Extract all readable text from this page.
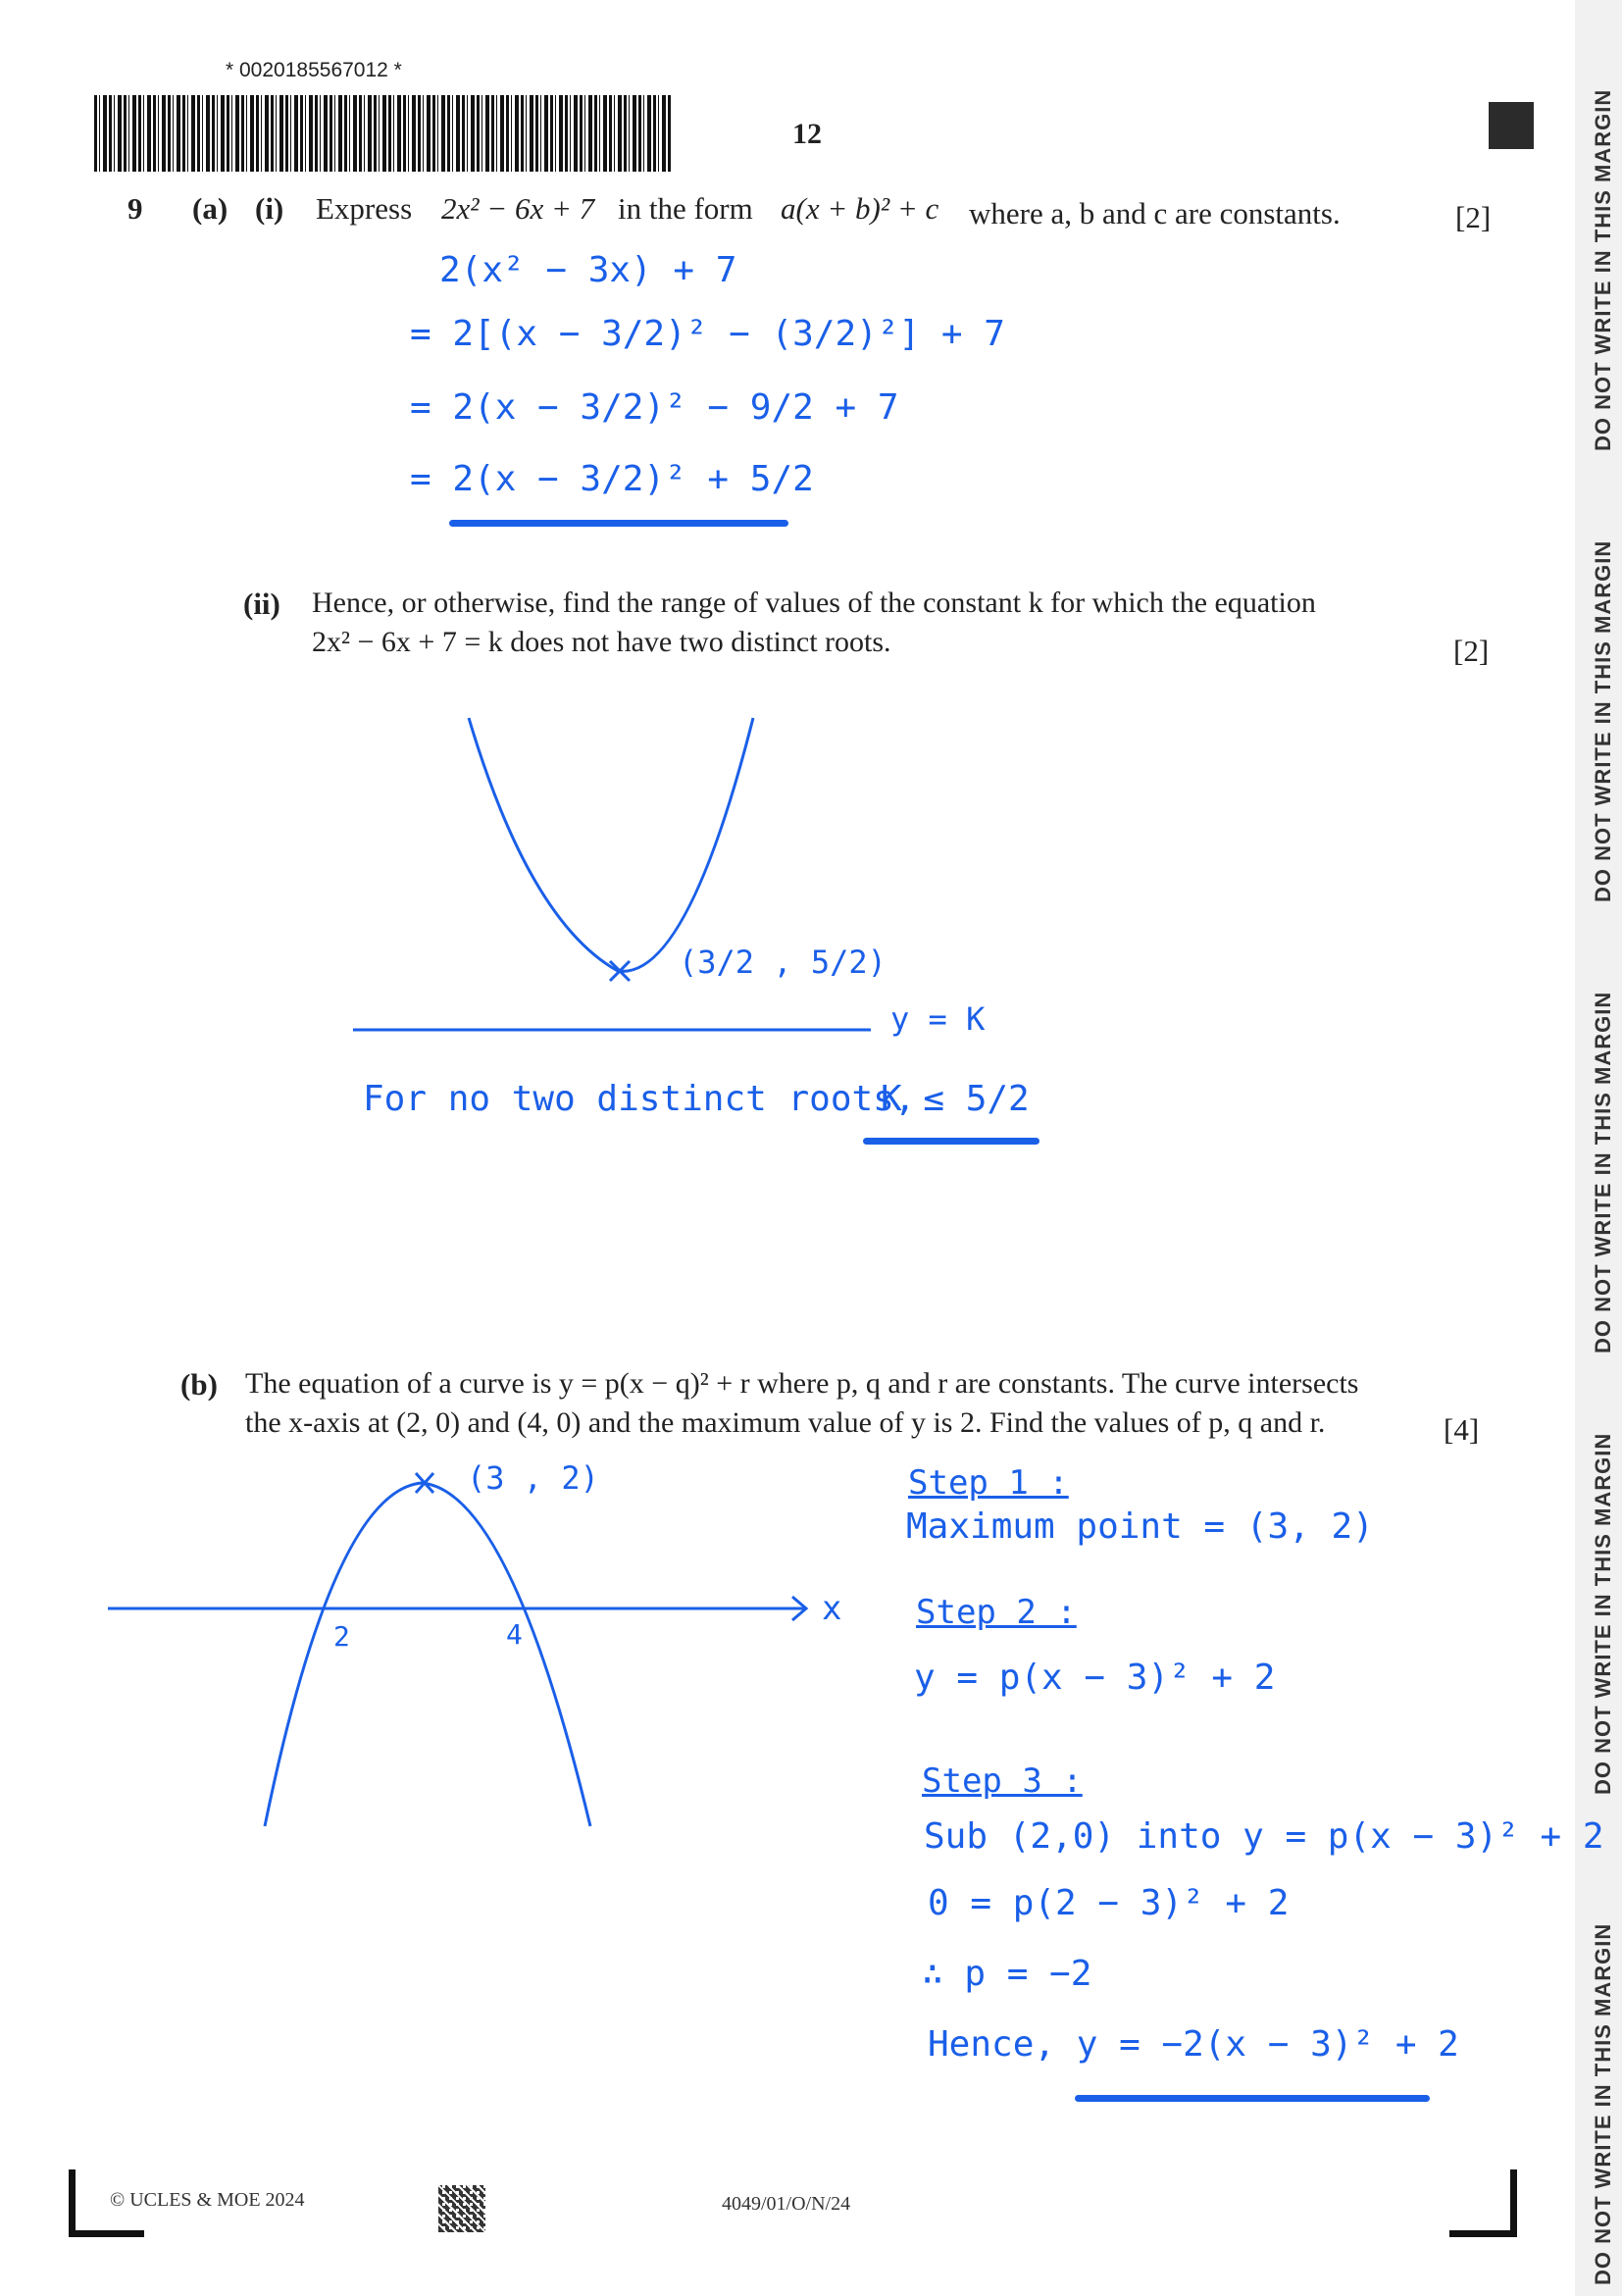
DO NOT WRITE IN THIS MARGIN
DO NOT WRITE IN THIS MARGIN
DO NOT WRITE IN THIS MARGIN
DO NOT WRITE IN THIS MARGIN
DO NOT WRITE IN THIS MARGIN
* 0020185567012 *
12
9 (a) (i) Express 2x² − 6x + 7 in the form a(x + b)² + c where a, b and c are constants.	[2]
2(x² − 3x) + 7
= 2[(x − 3/2)² − (3/2)²] + 7
= 2(x − 3/2)² − 9/2 + 7
= 2(x − 3/2)² + 5/2
(ii) Hence, or otherwise, find the range of values of the constant k for which the equation
2x² − 6x + 7 = k does not have two distinct roots.	[2]
(3/2 , 5/2)
y = K
For no two distinct roots,
K ≤ 5/2
(b) The equation of a curve is y = p(x − q)² + r where p, q and r are constants. The curve intersects
the x-axis at (2, 0) and (4, 0) and the maximum value of y is 2. Find the values of p, q and r.	[4]
(3 , 2)
2	4
x
Step 1 :
Maximum point = (3, 2)
Step 2 :
y = p(x − 3)² + 2
Step 3 :
Sub (2,0) into y = p(x − 3)² + 2
0 = p(2 − 3)² + 2
∴ p = −2
Hence, y = −2(x − 3)² + 2
© UCLES & MOE 2024	4049/01/O/N/24
